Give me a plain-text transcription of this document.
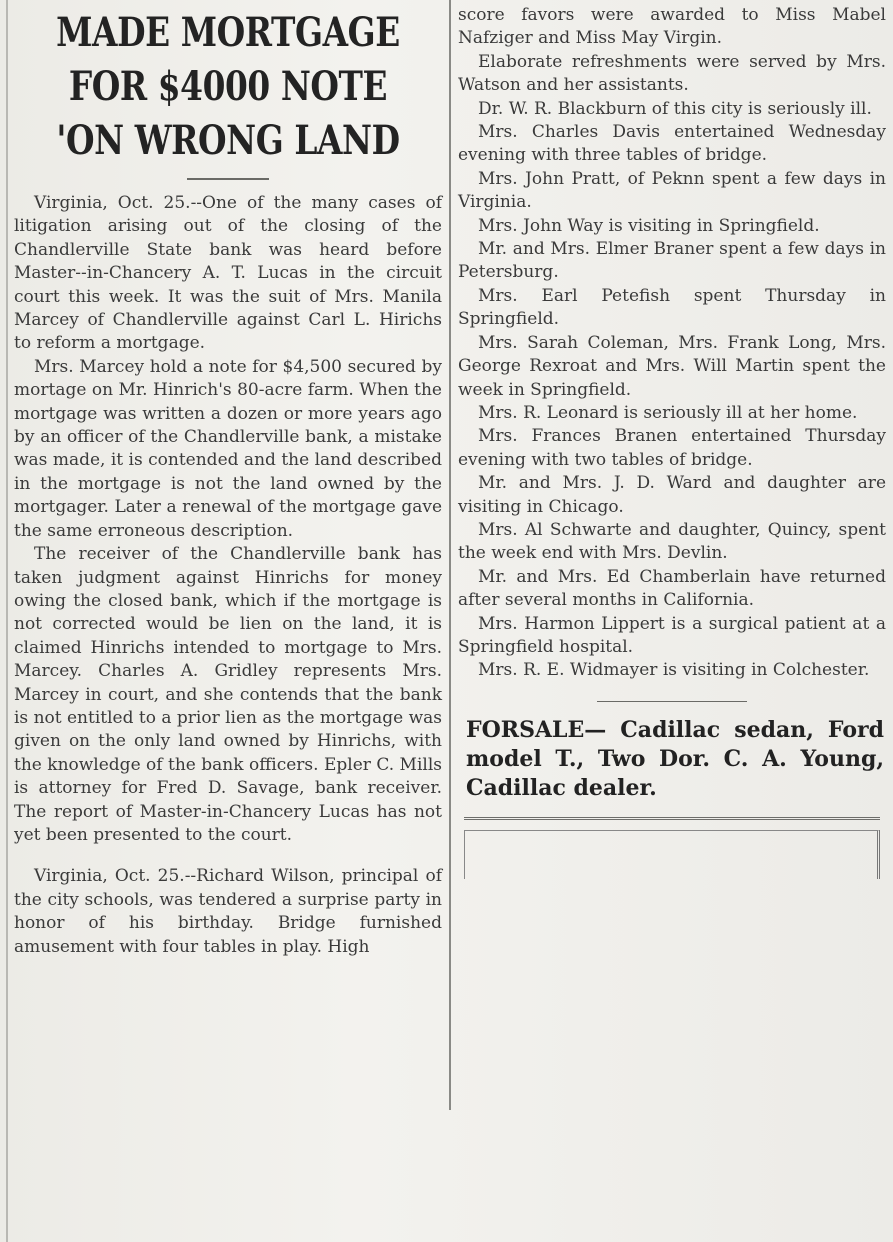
MADE MORTGAGE
FOR $4000 NOTE
'ON WRONG LAND

Virginia, Oct. 25.--One of the many cases of litigation arising out of the closing of the Chandlerville State bank was heard before Master--in-Chancery A. T. Lucas in the circuit court this week. It was the suit of Mrs. Manila Marcey of Chandlerville against Carl L. Hirichs to reform a mortgage.

Mrs. Marcey hold a note for $4,500 secured by mortage on Mr. Hinrich's 80-acre farm. When the mortgage was written a dozen or more years ago by an officer of the Chandlerville bank, a mistake was made, it is contended and the land described in the mortgage is not the land owned by the mortgager. Later a renewal of the mortgage gave the same erroneous description.

The receiver of the Chandlerville bank has taken judgment against Hinrichs for money owing the closed bank, which if the mortgage is not corrected would be lien on the land, it is claimed Hinrichs intended to mortgage to Mrs. Marcey. Charles A. Gridley represents Mrs. Marcey in court, and she contends that the bank is not entitled to a prior lien as the mortgage was given on the only land owned by Hinrichs, with the knowledge of the bank officers. Epler C. Mills is attorney for Fred D. Savage, bank receiver. The report of Master-in-Chancery Lucas has not yet been presented to the court.

Virginia, Oct. 25.--Richard Wilson, principal of the city schools, was tendered a surprise party in honor of his birthday. Bridge furnished amusement with four tables in play. High

score favors were awarded to Miss Mabel Nafziger and Miss May Virgin.

Elaborate refreshments were served by Mrs. Watson and her assistants.

Dr. W. R. Blackburn of this city is seriously ill.

Mrs. Charles Davis entertained Wednesday evening with three tables of bridge.

Mrs. John Pratt, of Peknn spent a few days in Virginia.

Mrs. John Way is visiting in Springfield.

Mr. and Mrs. Elmer Braner spent a few days in Petersburg.

Mrs. Earl Petefish spent Thursday in Springfield.

Mrs. Sarah Coleman, Mrs. Frank Long, Mrs. George Rexroat and Mrs. Will Martin spent the week in Springfield.

Mrs. R. Leonard is seriously ill at her home.

Mrs. Frances Branen entertained Thursday evening with two tables of bridge.

Mr. and Mrs. J. D. Ward and daughter are visiting in Chicago.

Mrs. Al Schwarte and daughter, Quincy, spent the week end with Mrs. Devlin.

Mr. and Mrs. Ed Chamberlain have returned after several months in California.

Mrs. Harmon Lippert is a surgical patient at a Springfield hospital.

Mrs. R. E. Widmayer is visiting in Colchester.

FORSALE— Cadillac sedan, Ford model T., Two Dor. C. A. Young, Cadillac dealer.
